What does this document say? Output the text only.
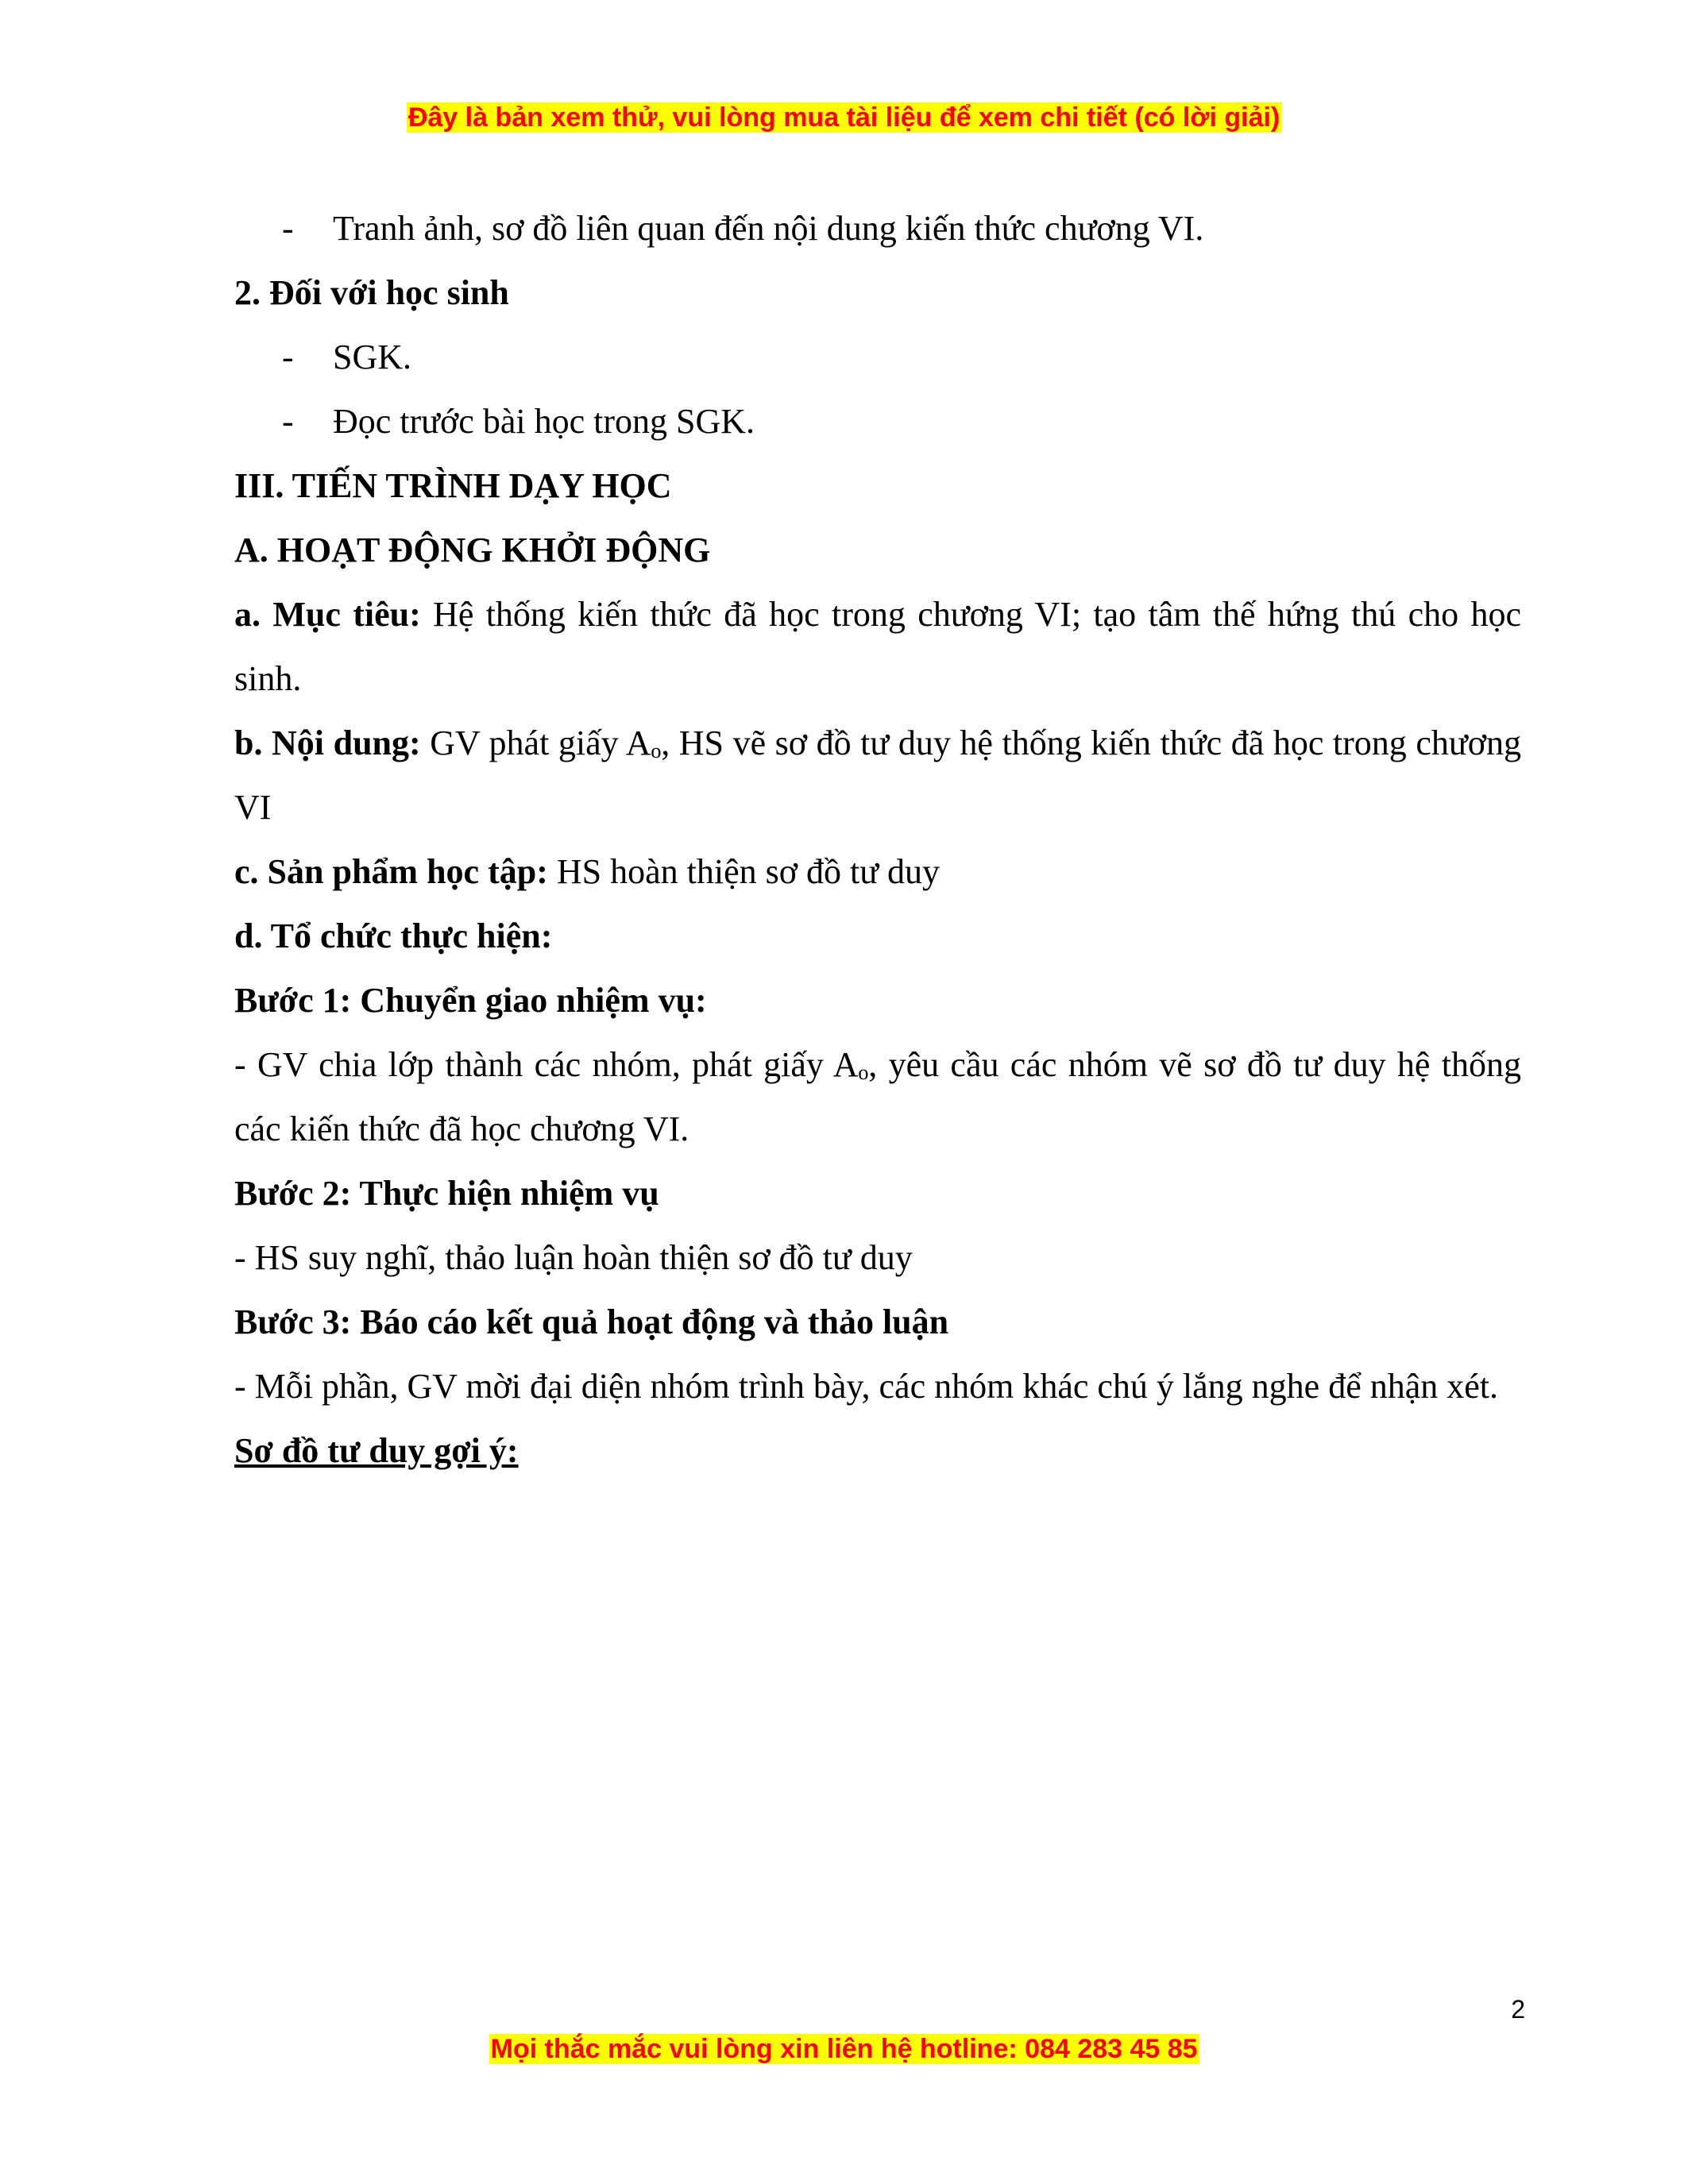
Đây là bản xem thử, vui lòng mua tài liệu để xem chi tiết (có lời giải)
- Tranh ảnh, sơ đồ liên quan đến nội dung kiến thức chương VI.
2. Đối với học sinh
- SGK.
- Đọc trước bài học trong SGK.
III. TIẾN TRÌNH DẠY HỌC
A. HOẠT ĐỘNG KHỞI ĐỘNG
a. Mục tiêu: Hệ thống kiến thức đã học trong chương VI; tạo tâm thế hứng thú cho học sinh.
b. Nội dung: GV phát giấy Aₒ, HS vẽ sơ đồ tư duy hệ thống kiến thức đã học trong chương VI
c. Sản phẩm học tập: HS hoàn thiện sơ đồ tư duy
d. Tổ chức thực hiện:
Bước 1: Chuyển giao nhiệm vụ:
- GV chia lớp thành các nhóm, phát giấy Aₒ, yêu cầu các nhóm vẽ sơ đồ tư duy hệ thống các kiến thức đã học chương VI.
Bước 2: Thực hiện nhiệm vụ
- HS suy nghĩ, thảo luận hoàn thiện sơ đồ tư duy
Bước 3: Báo cáo kết quả hoạt động và thảo luận
- Mỗi phần, GV mời đại diện nhóm trình bày, các nhóm khác chú ý lắng nghe để nhận xét.
Sơ đồ tư duy gợi ý:
2
Mọi thắc mắc vui lòng xin liên hệ hotline: 084 283 45 85
